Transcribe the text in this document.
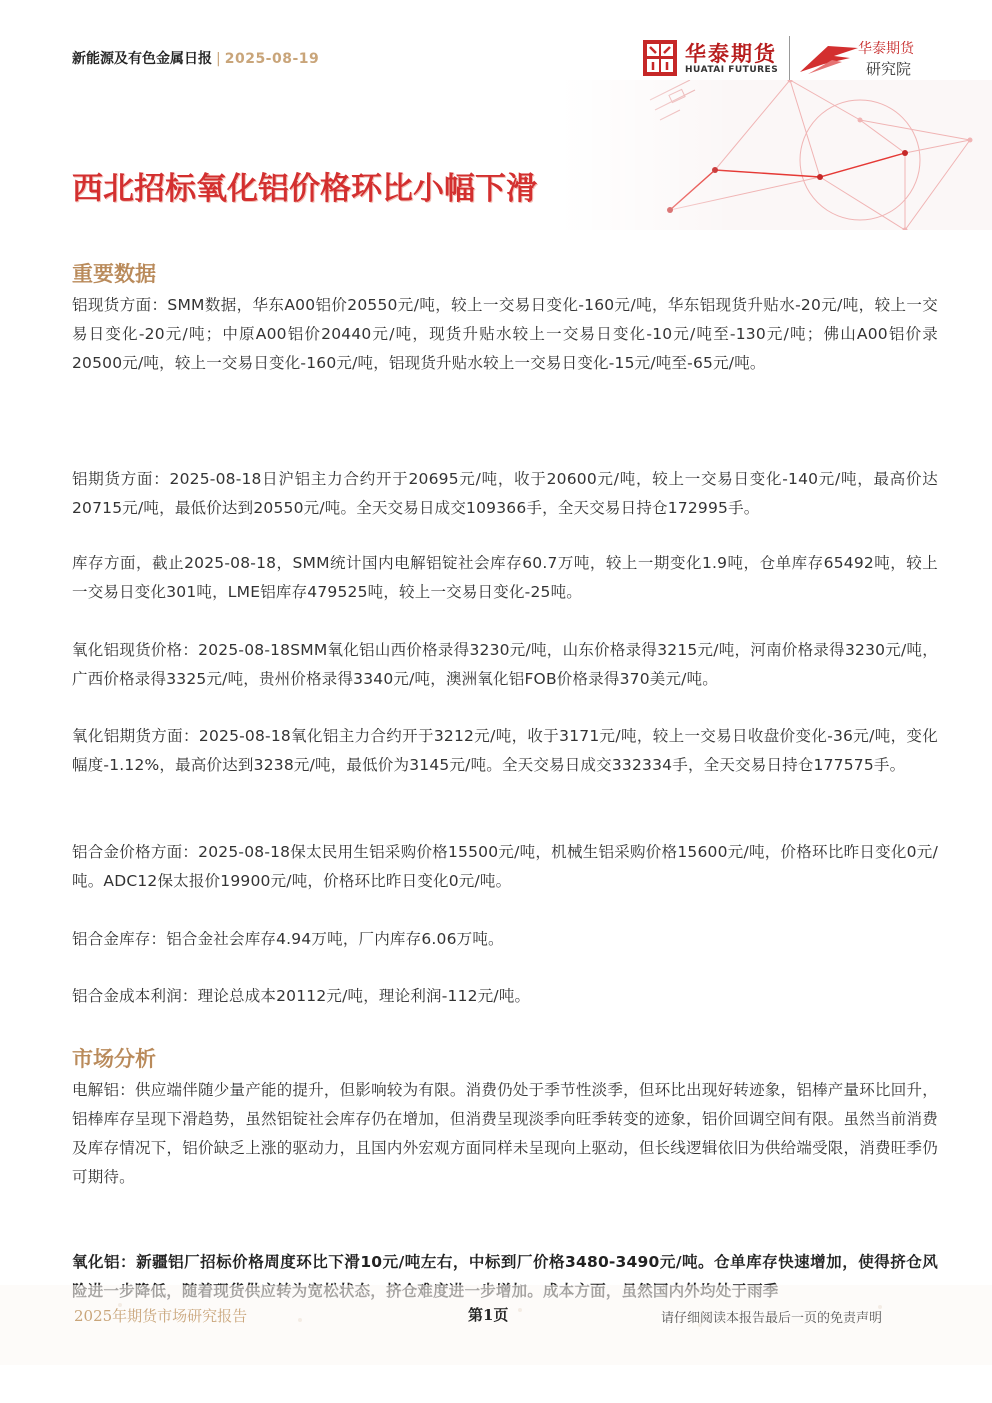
新能源及有色金属日报 | 2025-08-19	华泰期货
HUATAI FUTURES
华泰期货
研究院
西北招标氧化铝价格环比小幅下滑
重要数据
铝现货方面：SMM数据，华东A00铝价20550元/吨，较上一交易日变化-160元/吨，华东铝现货升贴水-20元/吨，较上一交易日变化-20元/吨；中原A00铝价20440元/吨，现货升贴水较上一交易日变化-10元/吨至-130元/吨；佛山A00铝价录20500元/吨，较上一交易日变化-160元/吨，铝现货升贴水较上一交易日变化-15元/吨至-65元/吨。
铝期货方面：2025-08-18日沪铝主力合约开于20695元/吨，收于20600元/吨，较上一交易日变化-140元/吨，最高价达20715元/吨，最低价达到20550元/吨。全天交易日成交109366手，全天交易日持仓172995手。
库存方面，截止2025-08-18，SMM统计国内电解铝锭社会库存60.7万吨，较上一期变化1.9吨，仓单库存65492吨，较上一交易日变化301吨，LME铝库存479525吨，较上一交易日变化-25吨。
氧化铝现货价格：2025-08-18SMM氧化铝山西价格录得3230元/吨，山东价格录得3215元/吨，河南价格录得3230元/吨，广西价格录得3325元/吨，贵州价格录得3340元/吨，澳洲氧化铝FOB价格录得370美元/吨。
氧化铝期货方面：2025-08-18氧化铝主力合约开于3212元/吨，收于3171元/吨，较上一交易日收盘价变化-36元/吨，变化幅度-1.12%，最高价达到3238元/吨，最低价为3145元/吨。全天交易日成交332334手，全天交易日持仓177575手。
铝合金价格方面：2025-08-18保太民用生铝采购价格15500元/吨，机械生铝采购价格15600元/吨，价格环比昨日变化0元/吨。ADC12保太报价19900元/吨，价格环比昨日变化0元/吨。
铝合金库存：铝合金社会库存4.94万吨，厂内库存6.06万吨。
铝合金成本利润：理论总成本20112元/吨，理论利润-112元/吨。
市场分析
电解铝：供应端伴随少量产能的提升，但影响较为有限。消费仍处于季节性淡季，但环比出现好转迹象，铝棒产量环比回升，铝棒库存呈现下滑趋势，虽然铝锭社会库存仍在增加，但消费呈现淡季向旺季转变的迹象，铝价回调空间有限。虽然当前消费及库存情况下，铝价缺乏上涨的驱动力，且国内外宏观方面同样未呈现向上驱动，但长线逻辑依旧为供给端受限，消费旺季仍可期待。
氧化铝：新疆铝厂招标价格周度环比下滑10元/吨左右，中标到厂价格3480-3490元/吨。仓单库存快速增加，使得挤仓风
2025年期货市场研究报告	第1页	请仔细阅读本报告最后一页的免责声明
